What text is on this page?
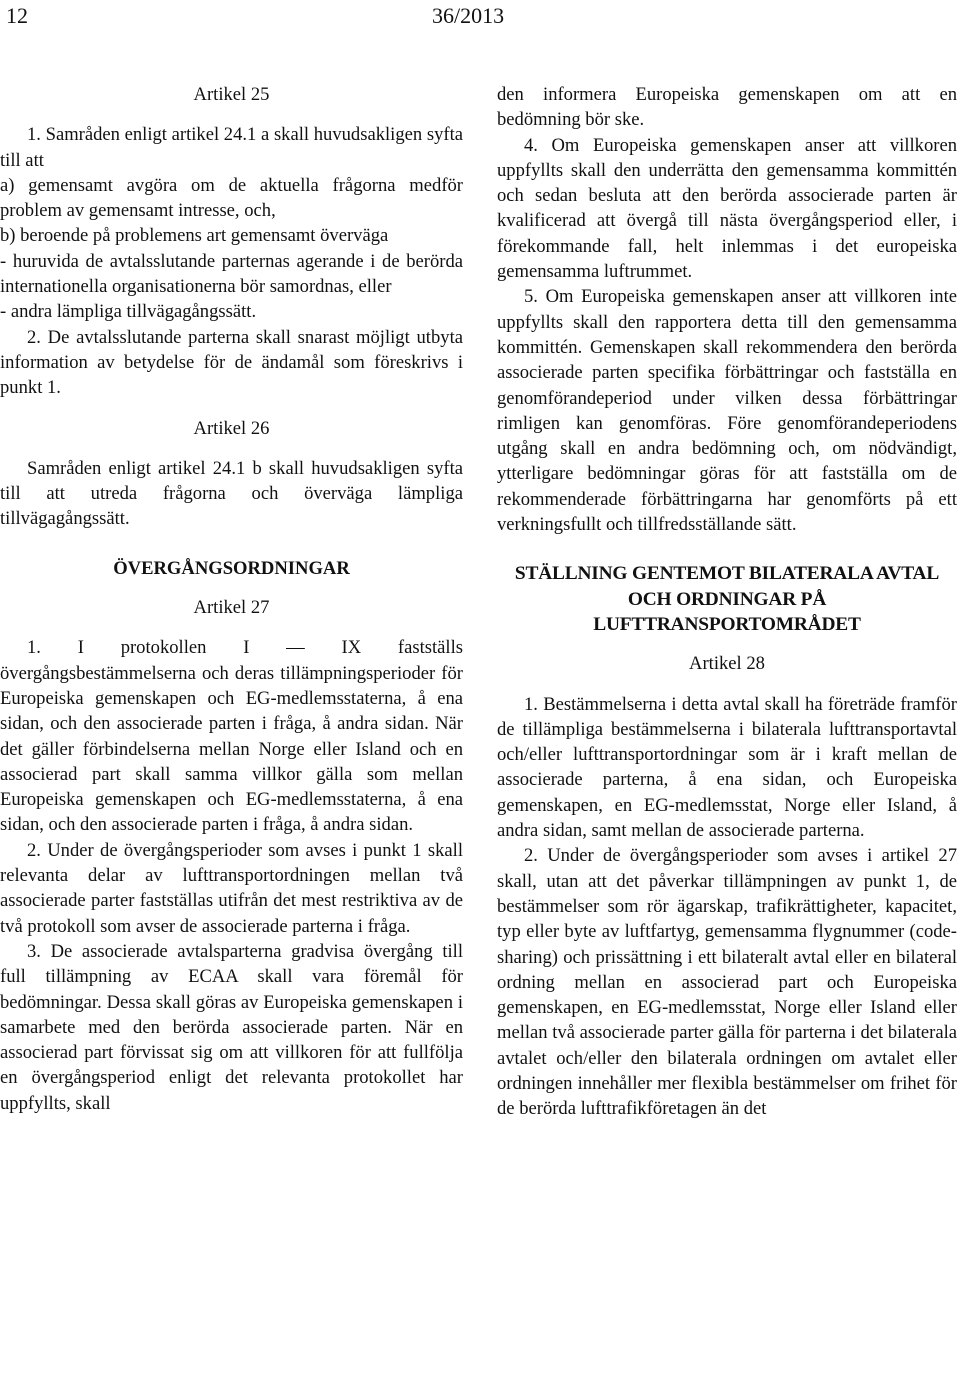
12	36/2013

Artikel 25

1. Samråden enligt artikel 24.1 a skall huvudsakligen syfta till att

a) gemensamt avgöra om de aktuella frågorna medför problem av gemensamt intresse, och,

b) beroende på problemens art gemensamt överväga

- huruvida de avtalsslutande parternas agerande i de berörda internationella organisationerna bör samordnas, eller

- andra lämpliga tillvägagångssätt.

2. De avtalsslutande parterna skall snarast möjligt utbyta information av betydelse för de ändamål som föreskrivs i punkt 1.

Artikel 26

Samråden enligt artikel 24.1 b skall huvudsakligen syfta till att utreda frågorna och överväga lämpliga tillvägagångssätt.

ÖVERGÅNGSORDNINGAR

Artikel 27

1. I protokollen I — IX fastställs övergångsbestämmelserna och deras tillämpningsperioder för Europeiska gemenskapen och EG-medlemsstaterna, å ena sidan, och den associerade parten i fråga, å andra sidan. När det gäller förbindelserna mellan Norge eller Island och en associerad part skall samma villkor gälla som mellan Europeiska gemenskapen och EG-medlemsstaterna, å ena sidan, och den associerade parten i fråga, å andra sidan.

2. Under de övergångsperioder som avses i punkt 1 skall relevanta delar av lufttransportordningen mellan två associerade parter fastställas utifrån det mest restriktiva av de två protokoll som avser de associerade parterna i fråga.

3. De associerade avtalsparterna gradvisa övergång till full tillämpning av ECAA skall vara föremål för bedömningar. Dessa skall göras av Europeiska gemenskapen i samarbete med den berörda associerade parten. När en associerad part förvissat sig om att villkoren för att fullfölja en övergångsperiod enligt det relevanta protokollet har uppfyllts, skall

den informera Europeiska gemenskapen om att en bedömning bör ske.

4. Om Europeiska gemenskapen anser att villkoren uppfyllts skall den underrätta den gemensamma kommittén och sedan besluta att den berörda associerade parten är kvalificerad att övergå till nästa övergångsperiod eller, i förekommande fall, helt inlemmas i det europeiska gemensamma luftrummet.

5. Om Europeiska gemenskapen anser att villkoren inte uppfyllts skall den rapportera detta till den gemensamma kommittén. Gemenskapen skall rekommendera den berörda associerade parten specifika förbättringar och fastställa en genomförandeperiod under vilken dessa förbättringar rimligen kan genomföras. Före genomförandeperiodens utgång skall en andra bedömning och, om nödvändigt, ytterligare bedömningar göras för att fastställa om de rekommenderade förbättringarna har genomförts på ett verkningsfullt och tillfredsställande sätt.

STÄLLNING GENTEMOT BILATERALA AVTAL OCH ORDNINGAR PÅ LUFTTRANSPORTOMRÅDET

Artikel 28

1. Bestämmelserna i detta avtal skall ha företräde framför de tillämpliga bestämmelserna i bilaterala lufttransportavtal och/eller lufttransportordningar som är i kraft mellan de associerade parterna, å ena sidan, och Europeiska gemenskapen, en EG-medlemsstat, Norge eller Island, å andra sidan, samt mellan de associerade parterna.

2. Under de övergångsperioder som avses i artikel 27 skall, utan att det påverkar tillämpningen av punkt 1, de bestämmelser som rör ägarskap, trafikrättigheter, kapacitet, typ eller byte av luftfartyg, gemensamma flygnummer (code-sharing) och prissättning i ett bilateralt avtal eller en bilateral ordning mellan en associerad part och Europeiska gemenskapen, en EG-medlemsstat, Norge eller Island eller mellan två associerade parter gälla för parterna i det bilaterala avtalet och/eller den bilaterala ordningen om avtalet eller ordningen innehåller mer flexibla bestämmelser om frihet för de berörda lufttrafikföretagen än det
